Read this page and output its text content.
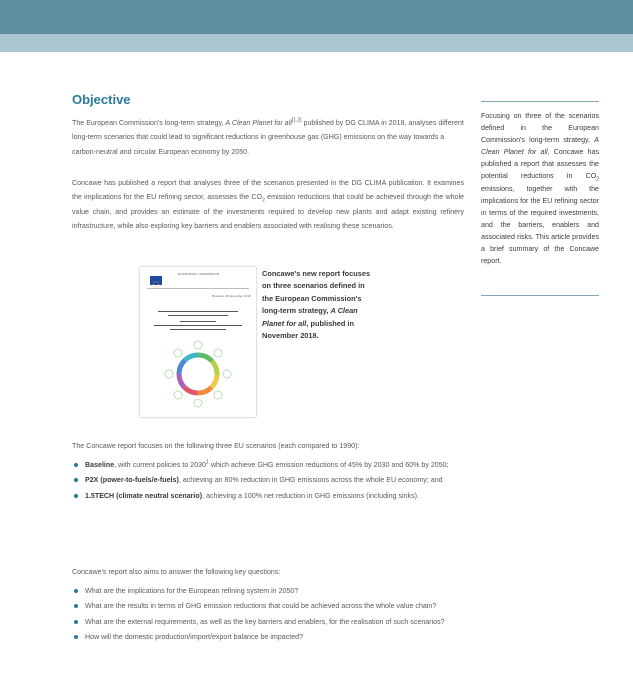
Objective

The European Commission's long-term strategy, A Clean Planet for all[1,2] published by DG CLIMA in 2018, analyses different long-term scenarios that could lead to significant reductions in greenhouse gas (GHG) emissions on the way towards a carbon-neutral and circular European economy by 2050.

Concawe has published a report that analyses three of the scenarios presented in the DG CLIMA publication. It examines the implications for the EU refining sector, assesses the $CO_2$ emission reductions that could be achieved through the whole value chain, and provides an estimate of the investments required to develop new plants and adapt existing refinery infrastructure, while also exploring key barriers and enablers associated with realising these scenarios.

EUROPEAN COMMISSION
Brussels, 28 November 2018

Concawe's new report focuses on three scenarios defined in the European Commission's long-term strategy, A Clean Planet for all, published in November 2018.

Focusing on three of the scenarios defined in the European Commission's long-term strategy, A Clean Planet for all, Concawe has published a report that assesses the potential reductions in $CO_2$ emissions, together with the implications for the EU refining sector in terms of the required investments, and the barriers, enablers and associated risks. This article provides a brief summary of the Concawe report.

The Concawe report focuses on the following three EU scenarios (each compared to 1990):

Baseline, with current policies to 2030$^1$ which achieve GHG emission reductions of 45% by 2030 and 60% by 2050;
P2X (power-to-fuels/e-fuels), achieving an 80% reduction in GHG emissions across the whole EU economy; and
1.5TECH (climate neutral scenario), achieving a 100% net reduction in GHG emissions (including sinks).

Concawe's report also aims to answer the following key questions:

What are the implications for the European refining system in 2050?
What are the results in terms of GHG emission reductions that could be achieved across the whole value chain?
What are the external requirements, as well as the key barriers and enablers, for the realisation of such scenarios?
How will the domestic production/import/export balance be impacted?
